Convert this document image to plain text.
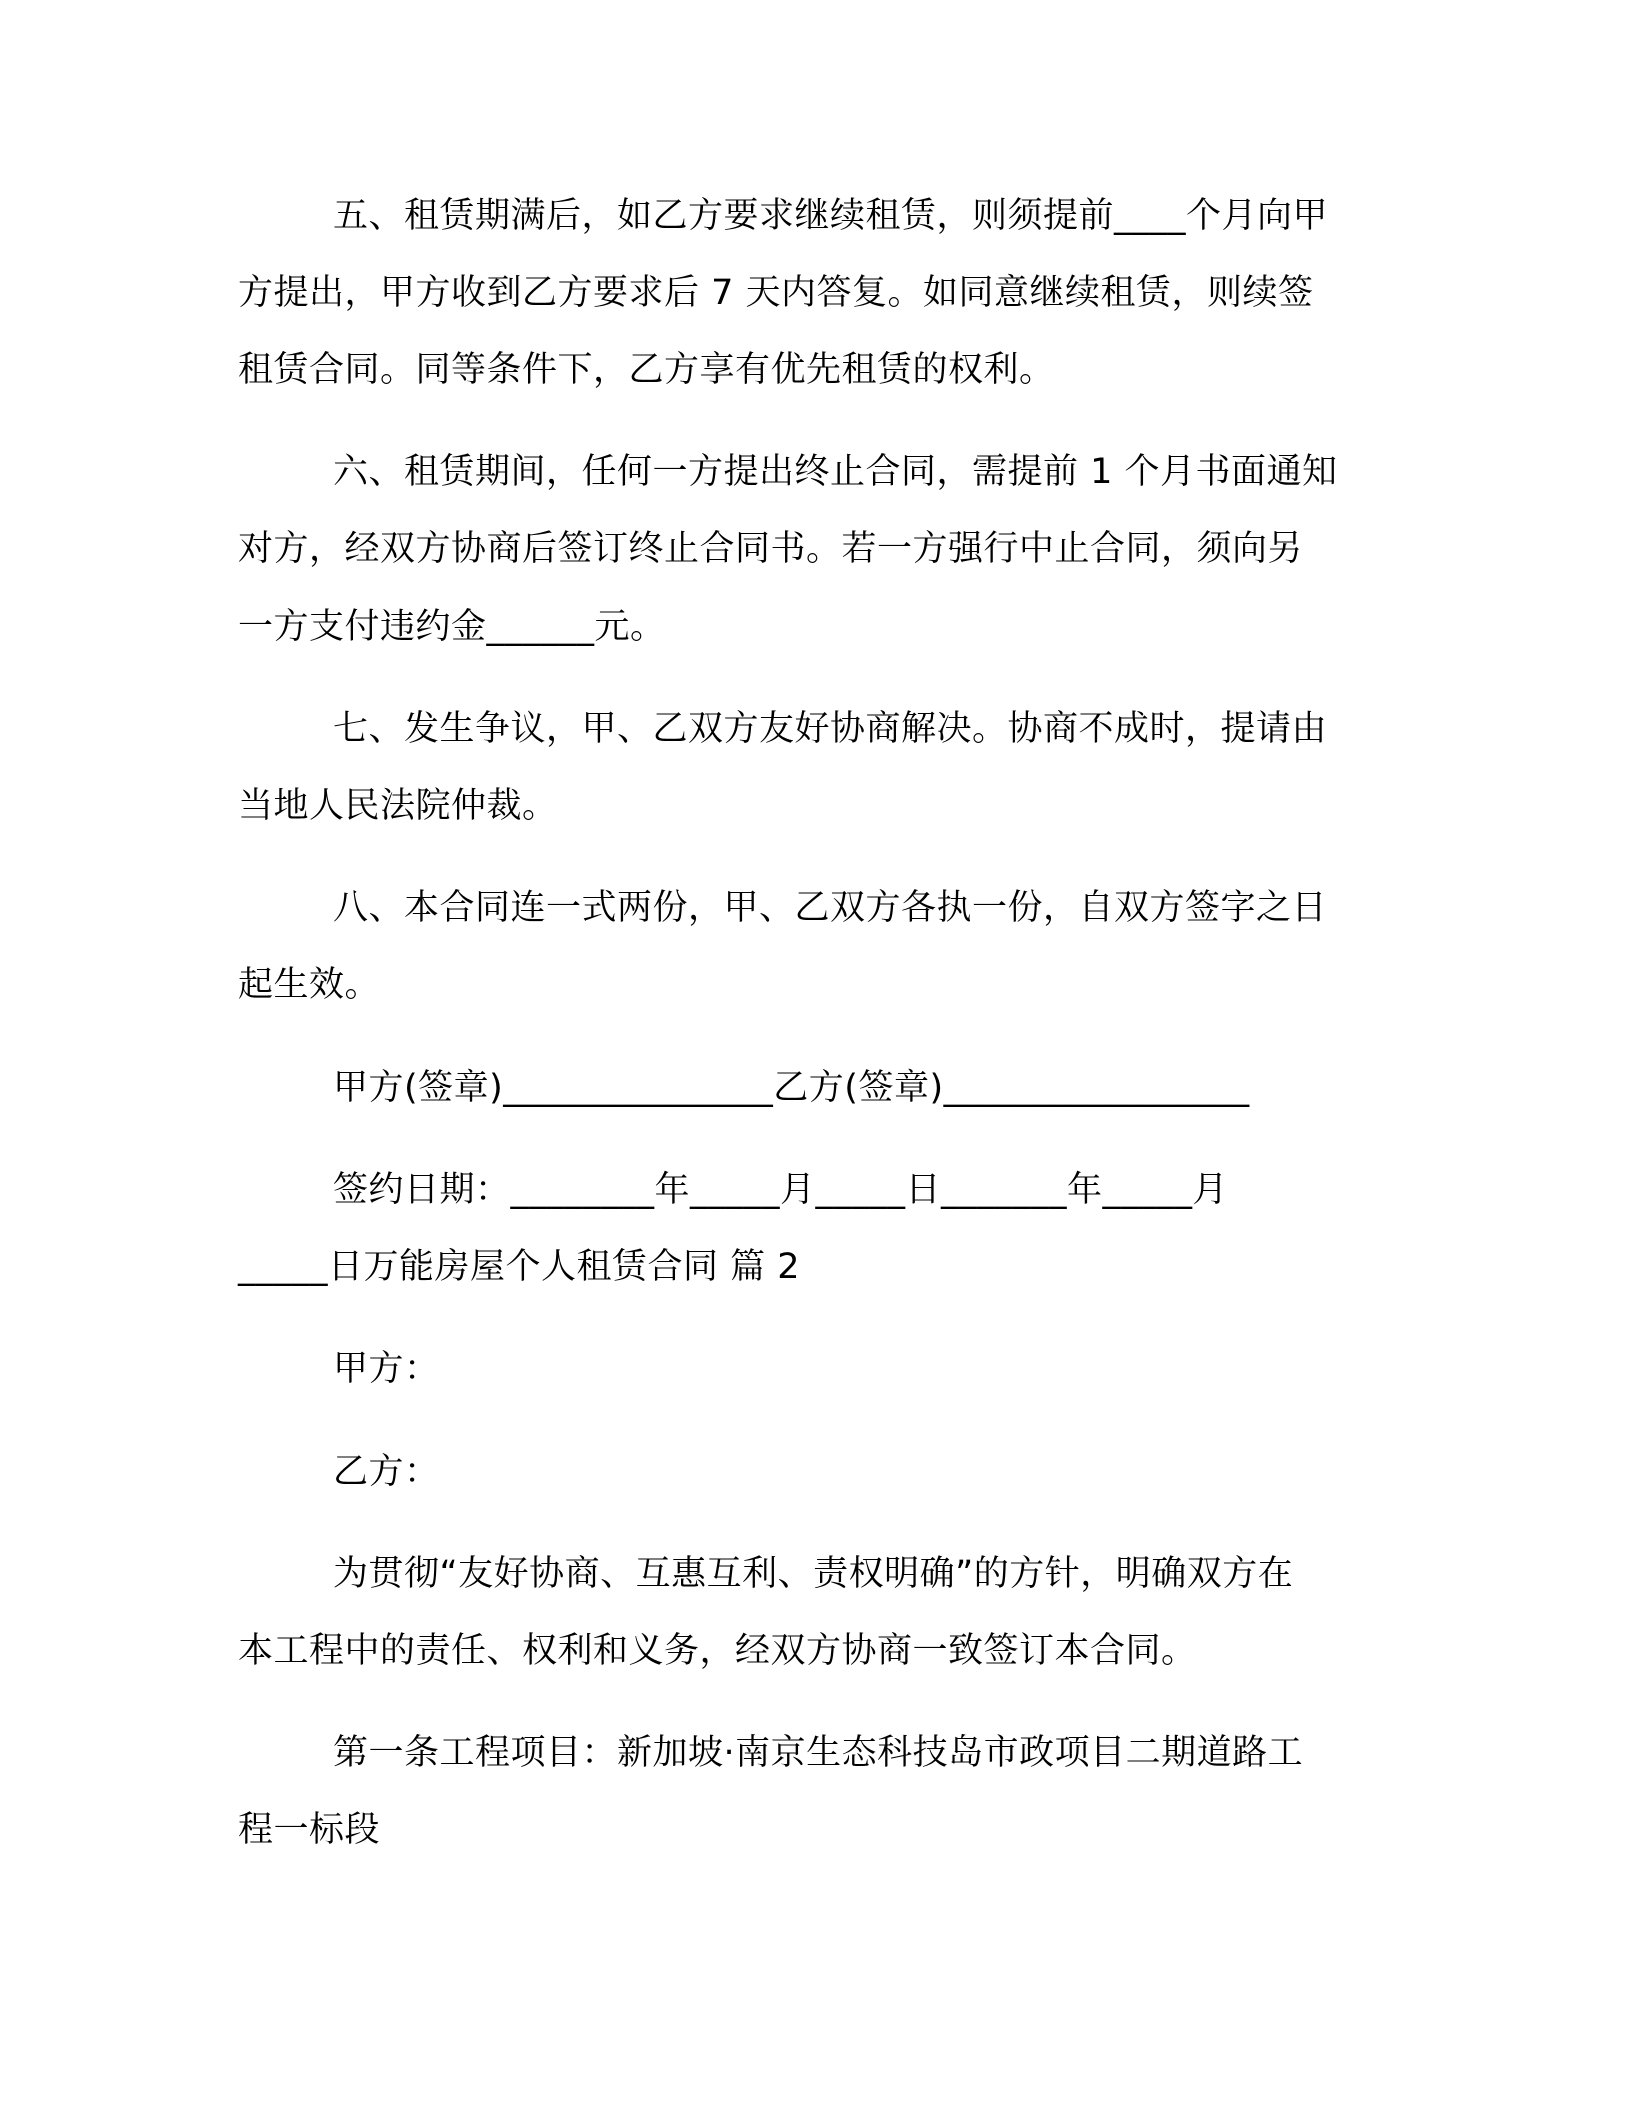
五、租赁期满后，如乙方要求继续租赁，则须提前____个月向甲
方提出，甲方收到乙方要求后 7 天内答复。如同意继续租赁，则续签
租赁合同。同等条件下，乙方享有优先租赁的权利。
六、租赁期间，任何一方提出终止合同，需提前 1 个月书面通知
对方，经双方协商后签订终止合同书。若一方强行中止合同，须向另
一方支付违约金______元。
七、发生争议，甲、乙双方友好协商解决。协商不成时，提请由
当地人民法院仲裁。
八、本合同连一式两份，甲、乙双方各执一份，自双方签字之日
起生效。
甲方(签章)_______________乙方(签章)_________________
签约日期：________年_____月_____日_______年_____月
_____日万能房屋个人租赁合同 篇 2
甲方：
乙方：
为贯彻“友好协商、互惠互利、责权明确”的方针，明确双方在
本工程中的责任、权利和义务，经双方协商一致签订本合同。
第一条工程项目：新加坡·南京生态科技岛市政项目二期道路工
程一标段
